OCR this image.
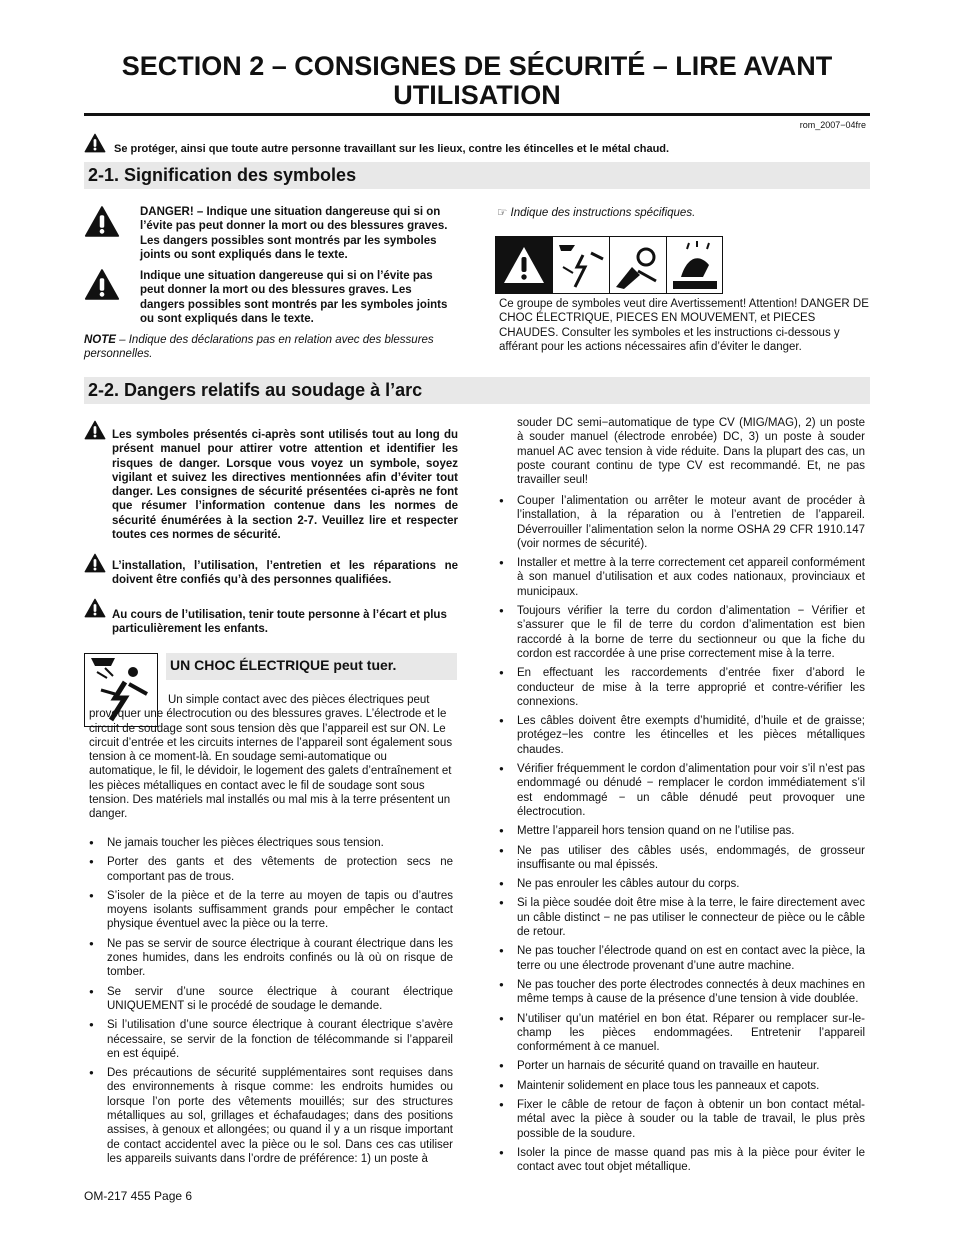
SECTION 2 – CONSIGNES DE SÉCURITÉ – LIRE AVANT
UTILISATION
rom_2007−04fre
Se protéger, ainsi que toute autre personne travaillant sur les lieux, contre les étincelles et le métal chaud.
2-1. Signification des symboles
DANGER! – Indique une situation dangereuse qui si on l’évite pas peut donner la mort ou des blessures graves. Les dangers possibles sont montrés par les symboles joints ou sont expliqués dans le texte.
Indique une situation dangereuse qui si on l’évite pas peut donner la mort ou des blessures graves. Les dangers possibles sont montrés par les symboles joints ou sont expliqués dans le texte.
NOTE – Indique des déclarations pas en relation avec des blessures personnelles.
☞ Indique des instructions spécifiques.
Ce groupe de symboles veut dire Avertissement! Attention! DANGER DE CHOC ÉLECTRIQUE, PIECES EN MOUVEMENT, et PIECES CHAUDES. Consulter les symboles et les instructions ci-dessous y afférant pour les actions nécessaires afin d’éviter le danger.
2-2. Dangers relatifs au soudage à l’arc
Les symboles présentés ci-après sont utilisés tout au long du présent manuel pour attirer votre attention et identifier les risques de danger. Lorsque vous voyez un symbole, soyez vigilant et suivez les directives mentionnées afin d’éviter tout danger. Les consignes de sécurité présentées ci-après ne font que résumer l’information contenue dans les normes de sécurité énumérées à la section 2-7. Veuillez lire et respecter toutes ces normes de sécurité.
L’installation, l’utilisation, l’entretien et les réparations ne doivent être confiés qu’à des personnes qualifiées.
Au cours de l’utilisation, tenir toute personne à l’écart et plus particulièrement les enfants.
UN CHOC ÉLECTRIQUE peut tuer.
Un simple contact avec des pièces électriques peut provoquer une électrocution ou des blessures graves. L’électrode et le circuit de soudage sont sous tension dès que l’appareil est sur ON. Le circuit d’entrée et les circuits internes de l’appareil sont également sous tension à ce moment-là. En soudage semi-automatique ou automatique, le fil, le dévidoir, le logement des galets d’entraînement et les pièces métalliques en contact avec le fil de soudage sont sous tension. Des matériels mal installés ou mal mis à la terre présentent un danger.
● Ne jamais toucher les pièces électriques sous tension.
● Porter des gants et des vêtements de protection secs ne comportant pas de trous.
● S’isoler de la pièce et de la terre au moyen de tapis ou d’autres moyens isolants suffisamment grands pour empêcher le contact physique éventuel avec la pièce ou la terre.
● Ne pas se servir de source électrique à courant électrique dans les zones humides, dans les endroits confinés ou là où on risque de tomber.
● Se servir d’une source électrique à courant électrique UNIQUEMENT si le procédé de soudage le demande.
● Si l’utilisation d’une source électrique à courant électrique s’avère nécessaire, se servir de la fonction de télécommande si l’appareil en est équipé.
● Des précautions de sécurité supplémentaires sont requises dans des environnements à risque comme: les endroits humides ou lorsque l’on porte des vêtements mouillés; sur des structures métalliques au sol, grillages et échafaudages; dans des positions assises, à genoux et allongées; ou quand il y a un risque important de contact accidentel avec la pièce ou le sol. Dans ces cas utiliser les appareils suivants dans l’ordre de préférence: 1) un poste à
souder DC semi−automatique de type CV (MIG/MAG), 2) un poste à souder manuel (électrode enrobée) DC, 3) un poste à souder manuel AC avec tension à vide réduite. Dans la plupart des cas, un poste courant continu de type CV est recommandé. Et, ne pas travailler seul!
● Couper l’alimentation ou arrêter le moteur avant de procéder à l’installation, à la réparation ou à l’entretien de l’appareil. Déverrouiller l’alimentation selon la norme OSHA 29 CFR 1910.147 (voir normes de sécurité).
● Installer et mettre à la terre correctement cet appareil conformément à son manuel d’utilisation et aux codes nationaux, provinciaux et municipaux.
● Toujours vérifier la terre du cordon d’alimentation − Vérifier et s’assurer que le fil de terre du cordon d’alimentation est bien raccordé à la borne de terre du sectionneur ou que la fiche du cordon est raccordée à une prise correctement mise à la terre.
● En effectuant les raccordements d’entrée fixer d’abord le conducteur de mise à la terre approprié et contre-vérifier les connexions.
● Les câbles doivent être exempts d’humidité, d’huile et de graisse; protégez−les contre les étincelles et les pièces métalliques chaudes.
● Vérifier fréquemment le cordon d’alimentation pour voir s’il n’est pas endommagé ou dénudé − remplacer le cordon immédiatement s’il est endommagé − un câble dénudé peut provoquer une électrocution.
● Mettre l’appareil hors tension quand on ne l’utilise pas.
● Ne pas utiliser des câbles usés, endommagés, de grosseur insuffisante ou mal épissés.
● Ne pas enrouler les câbles autour du corps.
● Si la pièce soudée doit être mise à la terre, le faire directement avec un câble distinct − ne pas utiliser le connecteur de pièce ou le câble de retour.
● Ne pas toucher l’électrode quand on est en contact avec la pièce, la terre ou une électrode provenant d’une autre machine.
● Ne pas toucher des porte électrodes connectés à deux machines en même temps à cause de la présence d’une tension à vide doublée.
● N’utiliser qu’un matériel en bon état. Réparer ou remplacer sur-le-champ les pièces endommagées. Entretenir l’appareil conformément à ce manuel.
● Porter un harnais de sécurité quand on travaille en hauteur.
● Maintenir solidement en place tous les panneaux et capots.
● Fixer le câble de retour de façon à obtenir un bon contact métal-métal avec la pièce à souder ou la table de travail, le plus près possible de la soudure.
● Isoler la pince de masse quand pas mis à la pièce pour éviter le contact avec tout objet métallique.
OM-217 455 Page 6
